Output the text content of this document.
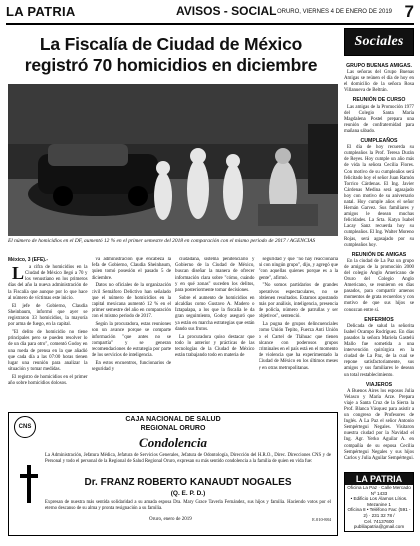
LA PATRIA	AVISOS - SOCIAL ORURO, VIERNES 4 DE ENERO DE 2019 7
La Fiscalía de Ciudad de México
registró 70 homicidios en diciembre
El número de homicidios en el DF, aumentó 12 % en el primer semestre del 2018 en comparación con el mismo periodo de 2017 / AGENCIAS

México, 3 (EFE).-

L a cifra de homicidios en la Ciudad de México llegó a 70 y los venustiano en los primeros días del año la nueva administración de la Fiscalía que aunque por lo que hace al número de víctimas este inicio.

El jefe de Gobierno, Claudia Sheinbaum, informó que ayer se registraron 33 homicidios, la mayoría por arma de fuego, en la capital.

"El delito de homicidio no tiene principales pero se pueden resolver lo de un día para otro", comentó Godoy en una rueda de prensa en la que añadió que cada día a las 07:00 horas tienen lugar una reunión para analizar la situación y tomar medidas.

El registro de homicidios en el primer año sobre homicidios dolosos.

va administración que encabeza la Jefa de Gobierno, Claudia Sheinbaum, quien tomó posesión el pasado 5 de diciembre.

Datos no oficiales de la organización civil Semáforo Delictivo han señalado que el número de homicidios en la capital mexicana aumentó 12 % en el primer semestre del año en comparación con el mismo periodo de 2017.

Según la procuradora, estas reuniones son un avance porque se comparte información "que antes no se compartía" y se generan recomendaciones de estrategia por parte de los servicios de inteligencia.

En estos encuentros, funcionarios de seguridad y

ciudadana, sistema penitenciario y Gobierno de la Ciudad de México, buscan diseñar la manera de ofrecer información clara sobre "cómo, cuándo y en qué zonas" suceden los delitos, para posteriormente tomar decisiones.

Sobre el aumento de homicidios en alcaldías como Gustavo A. Madero o Iztapalapa, a los que la fiscalía le da gran seguimiento, Godoy aseguró que ya están en marcha estrategias que están dando sus frutos.

La procuradora quiso destacar que todo lo anterior y prácticas de las tecnologías de la Ciudad de México están trabajando todo en materia de

seguridad y que "no hay reaccionaria ni con ningún grupo", dijo, y agregó que "con aquellas quienes porque es a la gente", afirmó.

"No somos partidarios de grandes operativos espectaculares, no se obtienen resultados. Estamos apostando más por análisis, inteligencia, presencia de policía, número de patrullas y ser objetivos", sentenció.

La pugna de grupos delincuenciales como Unión Tepito, Fuerza Anti Unión o el Cartel de Tláhuac que tienen alcance con poderosos grupos criminales en el país está en el momento de violencia que ha experimentado la Ciudad de México en los últimos meses y en otras metropolitanas.

CNS
CAJA NACIONAL DE SALUD
REGIONAL ORURO
Condolencia
La Administración, Jefatura Médica, Jefatura de Servicios Generales, Jefatura de Odontología, Dirección del H.R.O., Direc. Direcciones CNS y de Personal y todo el personal de la Regional de Salud Regional Oruro, expresan su más sentido condolencia a la familia de quien en vida fue:
Dr. FRANZ ROBERTO KANAUDT NOGALES
(Q. E. P. D.)
Expresan de nuestra más sentida solidaridad a su amada esposa Dra. Mary Grace Taverla Fernández, sus hijos y familia. Haciendo votos por el eterno descanso de su alma y pronta resignación a su familia.
Oruro, enero de 2019	E.010-884
Sociales
GRUPO BUENAS AMIGAS.

Las señoras del Grupo Buenas Amigas se reúnen el día de hoy en el domicilio de la señora Rosa Villanueva de Beltrán.

REUNIÓN DE CURSO

Las amigas de la Promoción 1977 del Colegio Santa María Magdalena Postel prepara una reunión de confraternidad para mañana sábado.

CUMPLEAÑOS

El día de hoy recuerda su cumpleaños la Prof. Teresa Durán de Reyes. Hoy cumple un año más de vida la señora Cecilia Flores. Con motivo de su cumpleaños será felicitado hoy el señor Juan Ramón Torrico Cárdenas. El Ing. Javier Cárdenas Medina será agasajado hoy con motivo de su aniversario natal. Hoy cumple años el señor Hernán Garvez. Sus familiares y amigos le desean muchas felicidades. La Srta. Katya Isabel Lacay Sanz recuerda hoy su cumpleaños. El Ing. Walter Moreno Rojas, será agasajado por su cumpleaños hoy.

REUNIÓN DE AMIGAS

En la ciudad de La Paz un grupo de amigas de la promoción 2000 del colegio Anglo Americano de Oruro del Colegio Anglo Americano, se reunieron en días pasados, para compartir amenos momentos de grata recuerdos y con motivo de que sus hijos se conozcan entre sí.

ENFERMOS

Delicada de salud la señorita Isabel Ocampo Rodríguez. En días pasados la señora Mariela Gastelú Mallo fue sometida a una intervención quirúrgica en la ciudad de La Paz, de la cual se repone satisfactoriamente, sus amigos y sus familiares le desean un total restablecimiento.

VIAJEROS

A Buenos Aires los esposos Julia Velasco y María Arze. Prepara viaje a Santa Cruz de la Sierra la Prof. Blanca Vásquez para asistir a un congreso de Profesores de Inglés. A La Paz el señor Antonio Sempértegui Negales. Visitaron nuestra ciudad por la Navidad el Ing. Agr. Yerko Aguilar A. en compañía de su esposa Cecilia Sempértegui Negales y sus hijos Carlos y Julia Aguilar Sempértegui.

LA PATRIA
Oficina La Paz · Calle Mercado Nº 1433
• Edificio Los Álamos Lírios. Mezanine 1
Oficina 8 • Teléfono Fax: (591 - 2) · 231 32 78 /
Cel. 74137600 publilapatria@gmail.com
